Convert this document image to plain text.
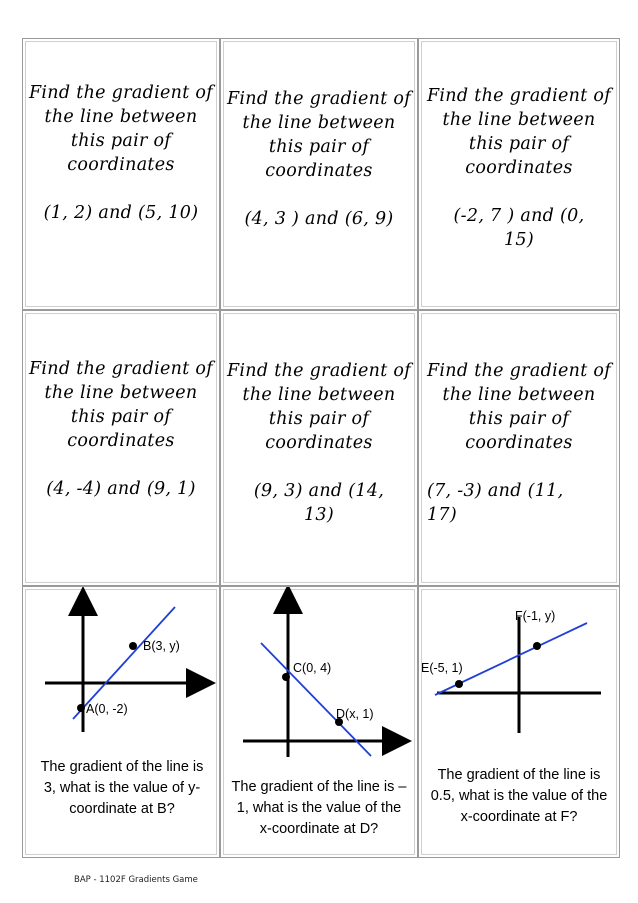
Find the gradient of the line between this pair of coordinates
(1, 2) and (5, 10)
Find the gradient of the line between this pair of coordinates
(4, 3 ) and (6, 9)
Find the gradient of the line between this pair of coordinates
(-2, 7 ) and (0, 15)
Find the gradient of the line between this pair of coordinates
(4, -4) and (9, 1)
Find the gradient of the line between this pair of coordinates
(9, 3) and (14, 13)
Find the gradient of the line between this pair of coordinates
(7, -3) and (11, 17)
B(3, y)
A(0, -2)
The gradient of the line is 3, what is the value of y-coordinate at B?
C(0, 4)
D(x, 1)
The gradient of the line is –1, what is the value of the x-coordinate at D?
F(-1, y)
E(-5, 1)
The gradient of the line is 0.5, what is the value of the x-coordinate at F?
BAP - 1102F Gradients Game
